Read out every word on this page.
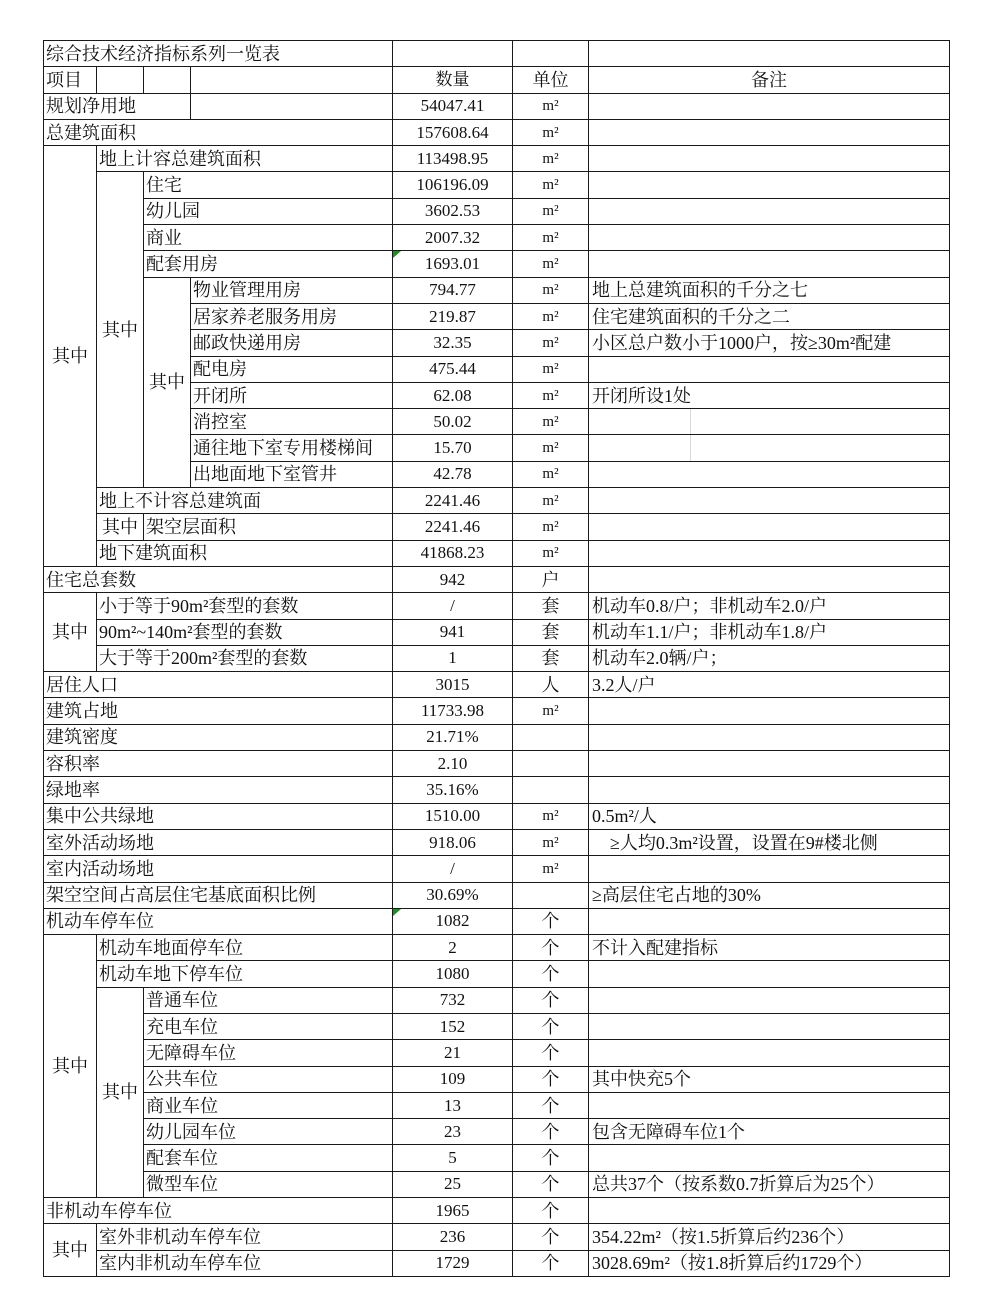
综合技术经济指标系列一览表						
项目				数量	单位	备注
规划净用地				54047.41	m²	
总建筑面积				157608.64	m²	
其中	地上计容总建筑面积			113498.95	m²	
	其中	住宅		106196.09	m²	
		幼儿园		3602.53	m²	
		商业		2007.32	m²	
		配套用房		1693.01	m²	
		其中	物业管理用房	794.77	m²	地上总建筑面积的千分之七
			居家养老服务用房	219.87	m²	住宅建筑面积的千分之二
			邮政快递用房	32.35	m²	小区总户数小于1000户，按≥30m²配建
			配电房	475.44	m²	
			开闭所	62.08	m²	开闭所设1处
			消控室	50.02	m²	
			通往地下室专用楼梯间	15.70	m²	
			出地面地下室管井	42.78	m²	
	地上不计容总建筑面			2241.46	m²	
	其中	架空层面积		2241.46	m²	
	地下建筑面积			41868.23	m²	
住宅总套数				942	户	
其中	小于等于90m²套型的套数			/	套	机动车0.8/户；非机动车2.0/户
	90m²~140m²套型的套数			941	套	机动车1.1/户；非机动车1.8/户
	大于等于200m²套型的套数			1	套	机动车2.0辆/户；
居住人口				3015	人	3.2人/户
建筑占地				11733.98	m²	
建筑密度				21.71%		
容积率				2.10		
绿地率				35.16%		
集中公共绿地				1510.00	m²	0.5m²/人
室外活动场地				918.06	m²	　≥人均0.3m²设置，设置在9#楼北侧
室内活动场地				/	m²	
架空空间占高层住宅基底面积比例				30.69%		≥高层住宅占地的30%
机动车停车位				1082	个	
其中	机动车地面停车位			2	个	不计入配建指标
	机动车地下停车位			1080	个	
	其中	普通车位		732	个	
		充电车位		152	个	
		无障碍车位		21	个	
		公共车位		109	个	其中快充5个
		商业车位		13	个	
		幼儿园车位		23	个	包含无障碍车位1个
		配套车位		5	个	
		微型车位		25	个	总共37个（按系数0.7折算后为25个）
非机动车停车位				1965	个	
其中	室外非机动车停车位			236	个	354.22m²（按1.5折算后约236个）
	室内非机动车停车位			1729	个	3028.69m²（按1.8折算后约1729个）
